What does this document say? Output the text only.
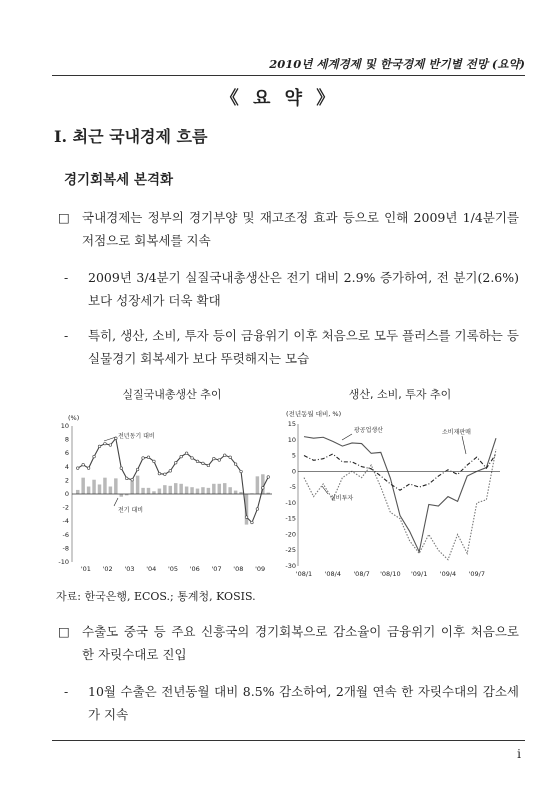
2010년 세계경제 및 한국경제 반기별 전망 (요약)
《 요 약 》
Ⅰ. 최근 국내경제 흐름
경기회복세 본격화
□ 국내경제는 정부의 경기부양 및 재고조정 효과 등으로 인해 2009년 1/4분기를 저점으로 회복세를 지속
-	2009년 3/4분기 실질국내총생산은 전기 대비 2.9% 증가하여, 전 분기(2.6%)보다 성장세가 더욱 확대
-	특히, 생산, 소비, 투자 등이 금융위기 이후 처음으로 모두 플러스를 기록하는 등 실물경기 회복세가 보다 뚜렷해지는 모습
실질국내총생산 추이
(%)
10
8
6
4
2
0
-2
-4
-6
-8
-10
'01 '02 '03 '04 '05 '06 '07 '08 '09
전년동기 대비
전기 대비
생산, 소비, 투자 추이
(전년동월 대비, %)
15
10
5
0
-5
-10
-15
-20
-25
-30
'08/1 '08/4 '08/7 '08/10 '09/1 '09/4 '09/7
광공업생산	소비재판매
설비투자
자료: 한국은행, ECOS.; 통계청, KOSIS.
□ 수출도 중국 등 주요 신흥국의 경기회복으로 감소율이 금융위기 이후 처음으로 한 자릿수대로 진입
-	10월 수출은 전년동월 대비 8.5% 감소하여, 2개월 연속 한 자릿수대의 감소세가 지속
i
